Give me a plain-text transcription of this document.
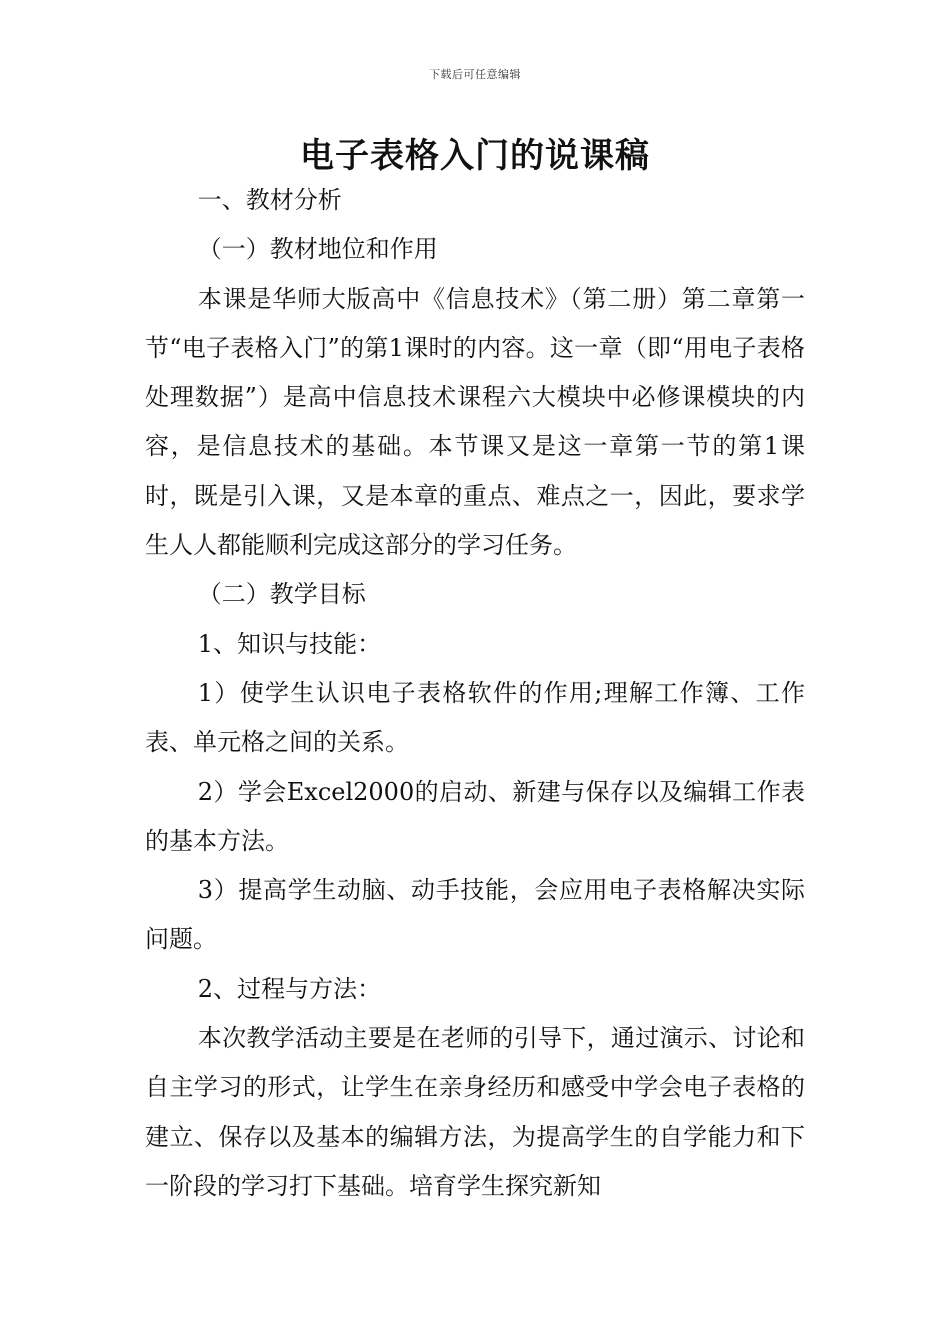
下载后可任意编辑
电子表格入门的说课稿

一、教材分析

（一）教材地位和作用

本课是华师大版高中《信息技术》（第二册）第二章第一节“电子表格入门”的第1课时的内容。这一章（即“用电子表格处理数据”）是高中信息技术课程六大模块中必修课模块的内容，是信息技术的基础。本节课又是这一章第一节的第1课时，既是引入课，又是本章的重点、难点之一，因此，要求学生人人都能顺利完成这部分的学习任务。

（二）教学目标

1、知识与技能：

1）使学生认识电子表格软件的作用;理解工作簿、工作表、单元格之间的关系。

2）学会Excel2000的启动、新建与保存以及编辑工作表的基本方法。

3）提高学生动脑、动手技能，会应用电子表格解决实际问题。

2、过程与方法：

本次教学活动主要是在老师的引导下，通过演示、讨论和自主学习的形式，让学生在亲身经历和感受中学会电子表格的建立、保存以及基本的编辑方法，为提高学生的自学能力和下一阶段的学习打下基础。培育学生探究新知
